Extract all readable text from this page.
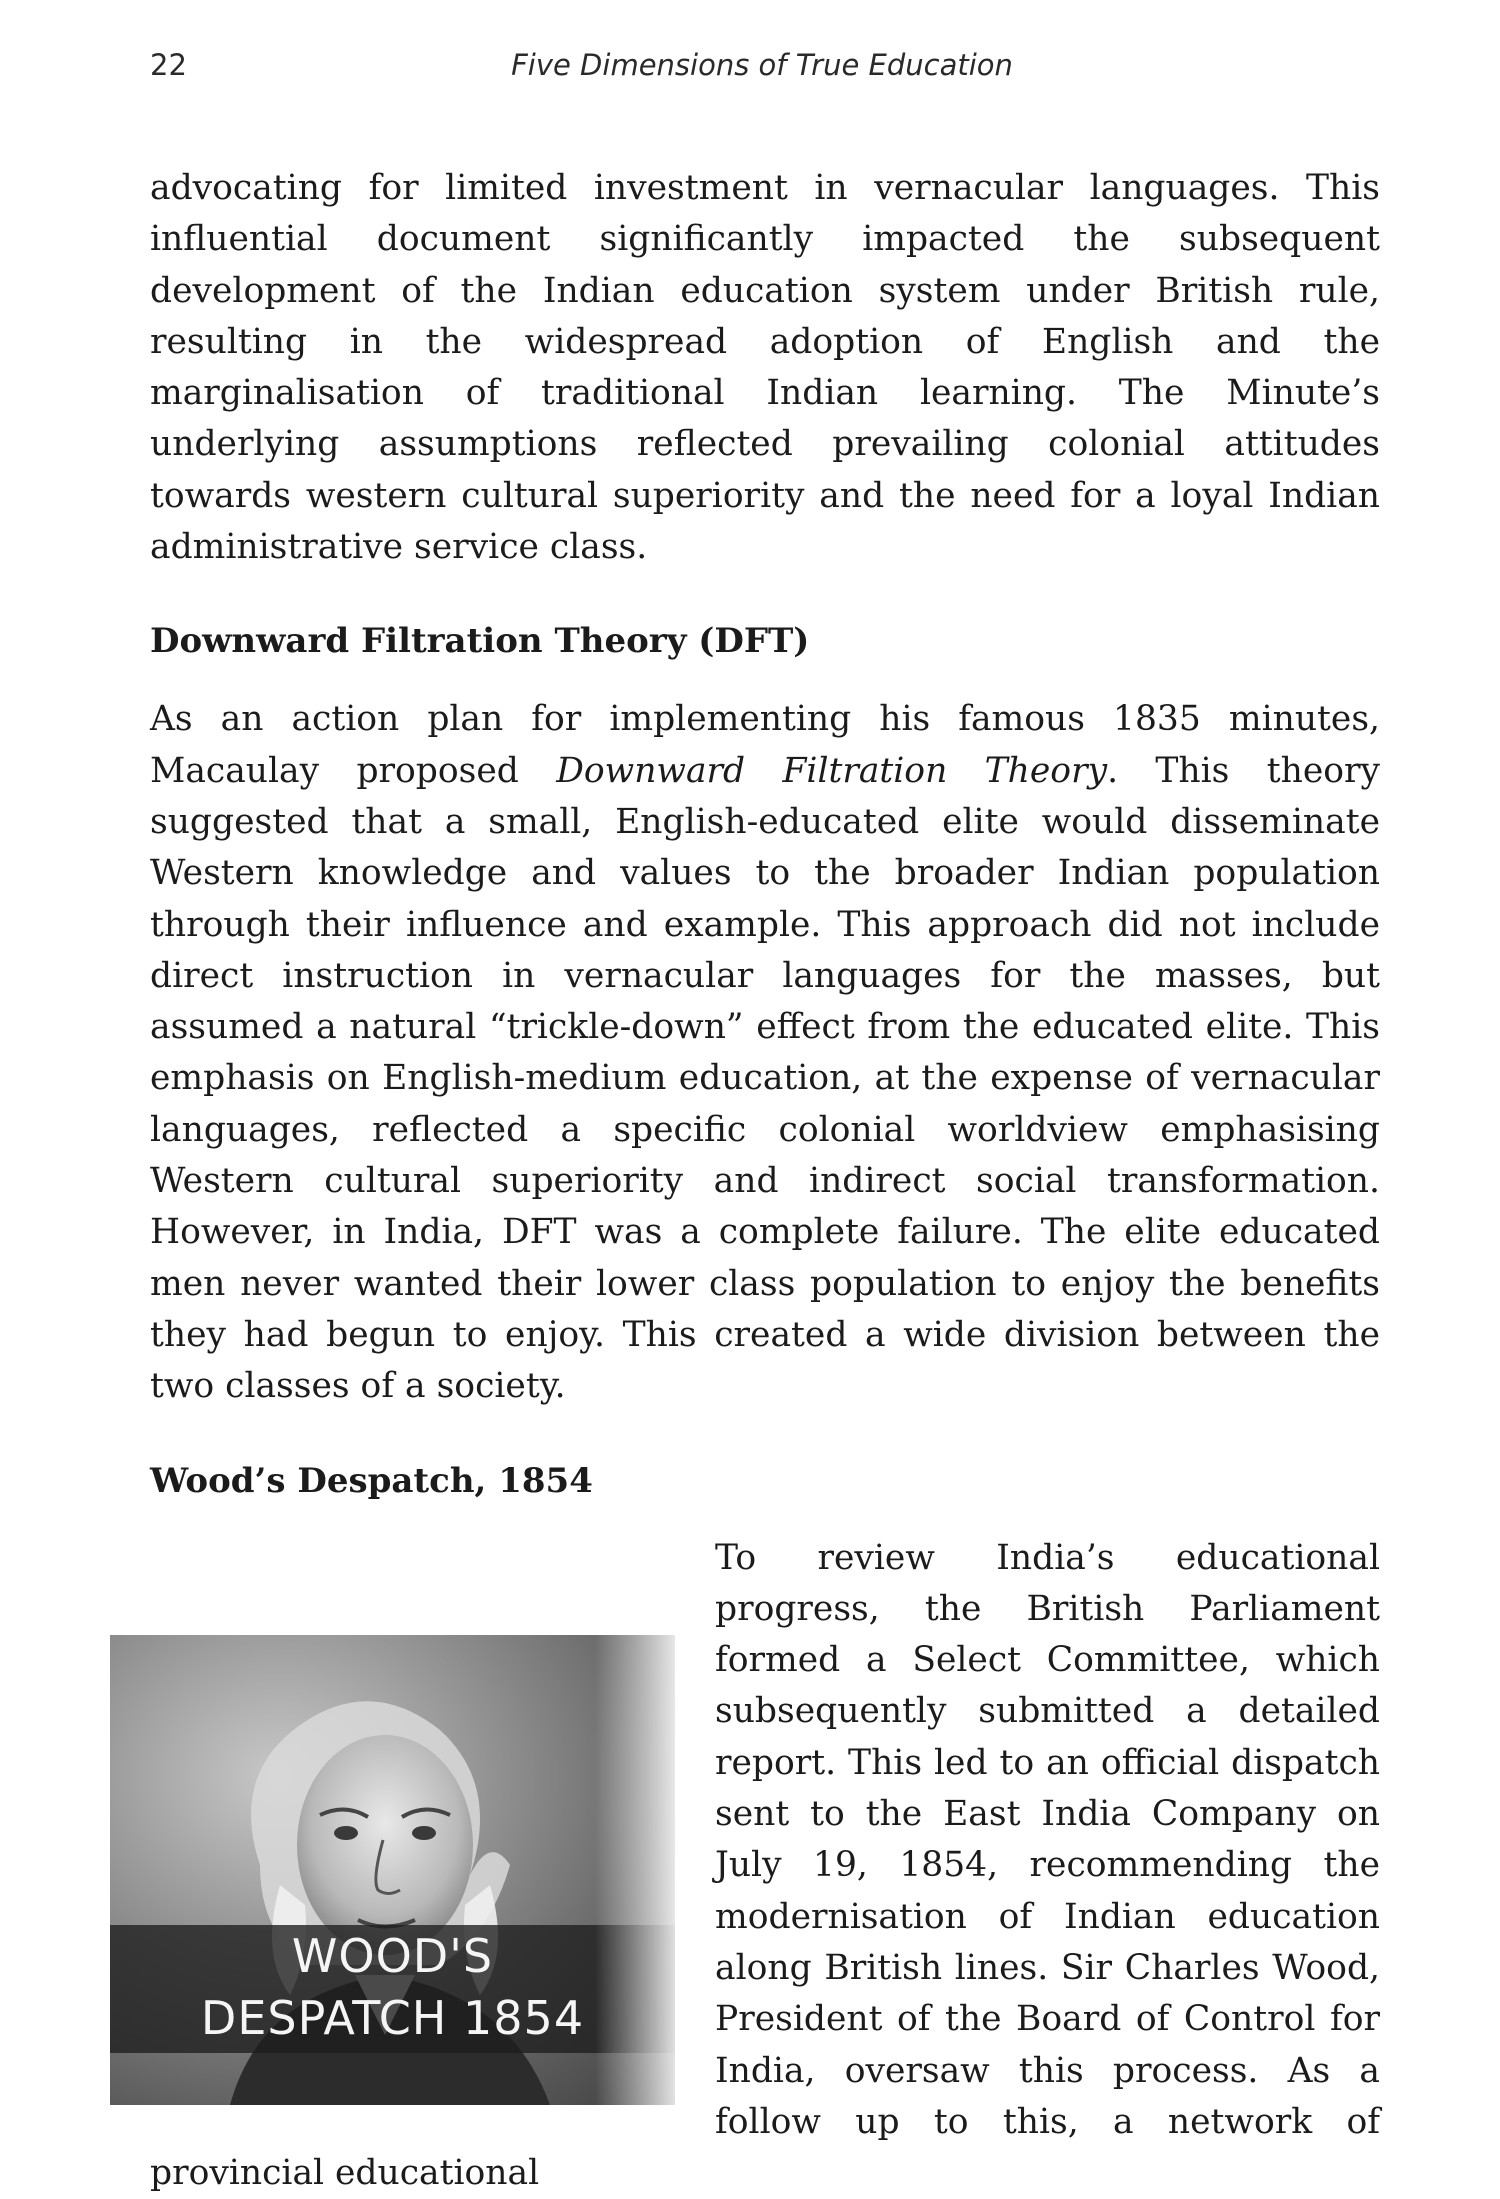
22	Five Dimensions of True Education

advocating for limited investment in vernacular languages. This influential document significantly impacted the subsequent development of the Indian education system under British rule, resulting in the widespread adoption of English and the marginalisation of traditional Indian learning. The Minute’s underlying assumptions reflected prevailing colonial attitudes towards western cultural superiority and the need for a loyal Indian administrative service class.

Downward Filtration Theory (DFT)

As an action plan for implementing his famous 1835 minutes, Macaulay proposed Downward Filtration Theory. This theory suggested that a small, English-educated elite would disseminate Western knowledge and values to the broader Indian population through their influence and example. This approach did not include direct instruction in vernacular languages for the masses, but assumed a natural “trickle-down” effect from the educated elite. This emphasis on English-medium education, at the expense of vernacular languages, reflected a specific colonial worldview emphasising Western cultural superiority and indirect social transformation. However, in India, DFT was a complete failure. The elite educated men never wanted their lower class population to enjoy the benefits they had begun to enjoy. This created a wide division between the two classes of a society.

Wood’s Despatch, 1854
WOOD'S
DESPATCH 1854

To review India’s educational progress, the British Parliament formed a Select Committee, which subsequently submitted a detailed report. This led to an official dispatch sent to the East India Company on July 19, 1854, recommending the modernisation of Indian education along British lines. Sir Charles Wood, President of the Board of Control for India, oversaw this process. As a follow up to this, a network of provincial educational
